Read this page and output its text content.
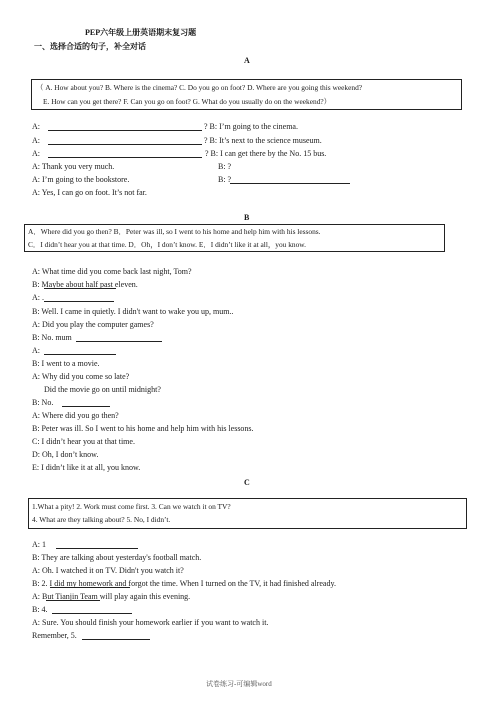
PEP六年级上册英语期末复习题
一、选择合适的句子，补全对话
A
（ A. How about you? B. Where is the cinema? C. Do you go on foot? D. Where are you going this weekend?
E. How can you get there? F. Can you go on foot? G. What do you usually do on the weekend?）
A:	? B: I’m going to the cinema.
A:	? B: It’s next to the science museum.
A:	? B: I can get there by the No. 15 bus.
A: Thank you very much.	B: ?
A: I’m going to the bookstore.	B: ?
A: Yes, I can go on foot. It’s not far.
B
A．Where did you go then? B．Peter was ill, so I went to his home and help him with his lessons.
C．I didn’t hear you at that time. D．Oh，I don’t know. E．I didn’t like it at all，you know.
A: What time did you come back last night, Tom?
B: Maybe about half past eleven.
A: .
B: Well. I came in quietly. I didn't want to wake you up, mum..
A: Did you play the computer games?
B: No. mum
A:
B: I went to a movie.
A: Why did you come so late?
Did the movie go on until midnight?
B: No.
A: Where did you go then?
B: Peter was ill. So I went to his home and help him with his lessons.
C: I didn’t hear you at that time.
D: Oh, I don’t know.
E: I didn’t like it at all, you know.
C
1.What a pity! 2. Work must come first. 3. Can we watch it on TV?
4. What are they talking about? 5. No, I didn’t.
A: 1
B: They are talking about yesterday's football match.
A: Oh. I watched it on TV. Didn't you watch it?
B: 2. I did my homework and forgot the time. When I turned on the TV, it had finished already.
A: But Tianjin Team will play again this evening.
B: 4.
A: Sure. You should finish your homework earlier if you want to watch it.
Remember, 5.
试卷练习-可编辑word
